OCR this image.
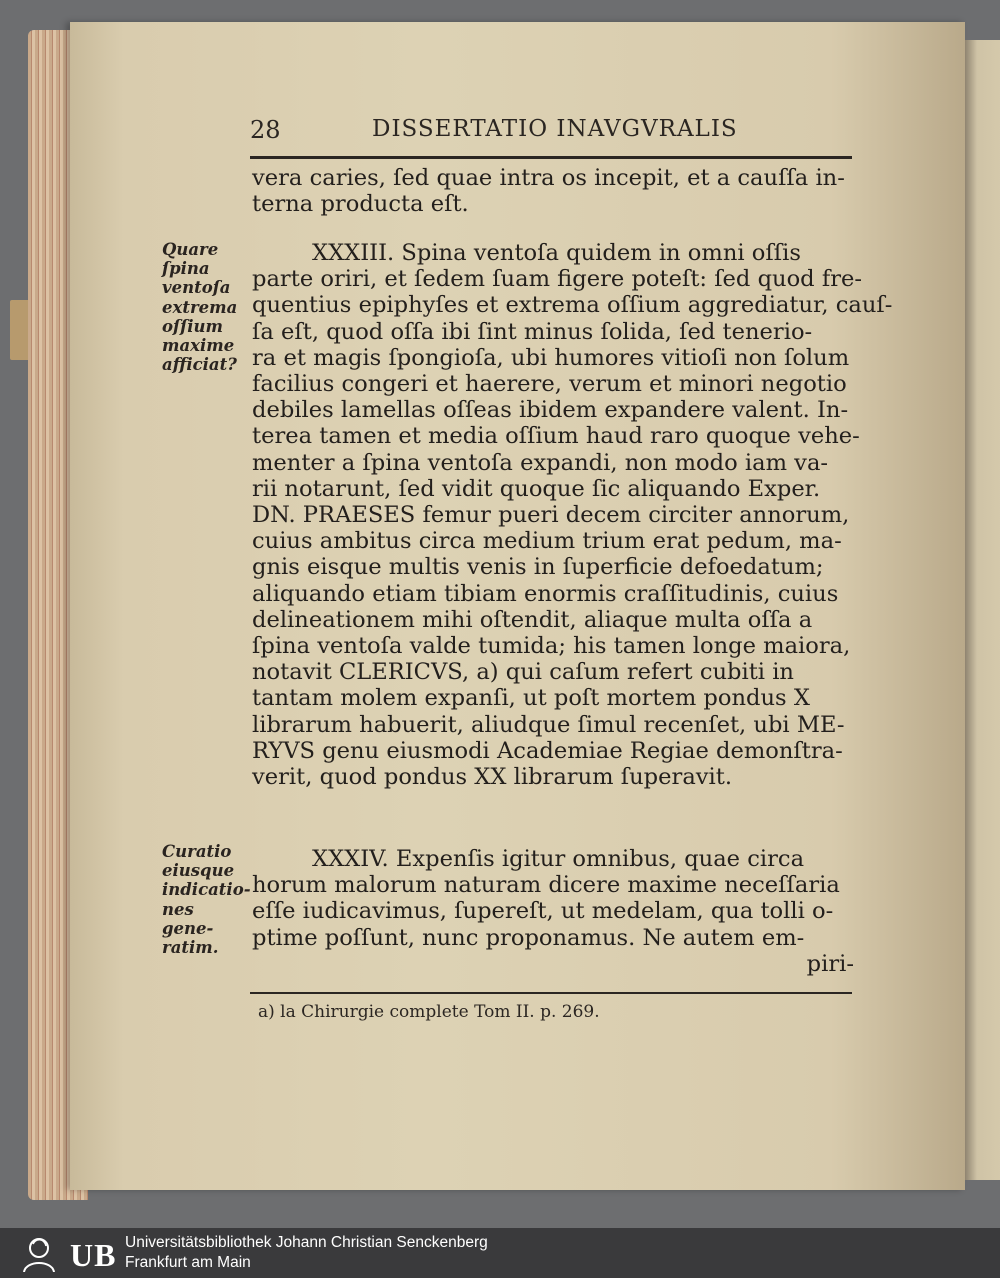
28	DISSERTATIO INAVGVRALIS
vera caries, ſed quae intra os incepit, et a cauſſa in-
terna producta eſt.
Quare
ſpina
ventoſa
extrema
oſſium
maxime
afficiat?
XXXIII. Spina ventoſa quidem in omni oſſis
parte oriri, et ſedem ſuam figere poteſt: ſed quod fre-
quentius epiphyſes et extrema oſſium aggrediatur, cauſ-
ſa eſt, quod oſſa ibi ſint minus ſolida, ſed tenerio-
ra et magis ſpongioſa, ubi humores vitioſi non ſolum
facilius congeri et haerere, verum et minori negotio
debiles lamellas oſſeas ibidem expandere valent. In-
terea tamen et media oſſium haud raro quoque vehe-
menter a ſpina ventoſa expandi, non modo iam va-
rii notarunt, ſed vidit quoque ſic aliquando Exper.
DN. PRAESES femur pueri decem circiter annorum,
cuius ambitus circa medium trium erat pedum, ma-
gnis eisque multis venis in ſuperficie defoedatum;
aliquando etiam tibiam enormis craſſitudinis, cuius
delineationem mihi oſtendit, aliaque multa oſſa a
ſpina ventoſa valde tumida; his tamen longe maiora,
notavit CLERICVS, a) qui caſum refert cubiti in
tantam molem expanſi, ut poſt mortem pondus X
librarum habuerit, aliudque ſimul recenſet, ubi ME-
RYVS genu eiusmodi Academiae Regiae demonſtra-
verit, quod pondus XX librarum ſuperavit.
Curatio
eiusque
indicatio-
nes gene-
ratim.
XXXIV. Expenſis igitur omnibus, quae circa
horum malorum naturam dicere maxime neceſſaria
eſſe iudicavimus, ſupereſt, ut medelam, qua tolli o-
ptime poſſunt, nunc proponamus. Ne autem em-
piri-
a) la Chirurgie complete Tom II. p. 269.
UB Universitätsbibliothek Johann Christian Senckenberg
Frankfurt am Main
